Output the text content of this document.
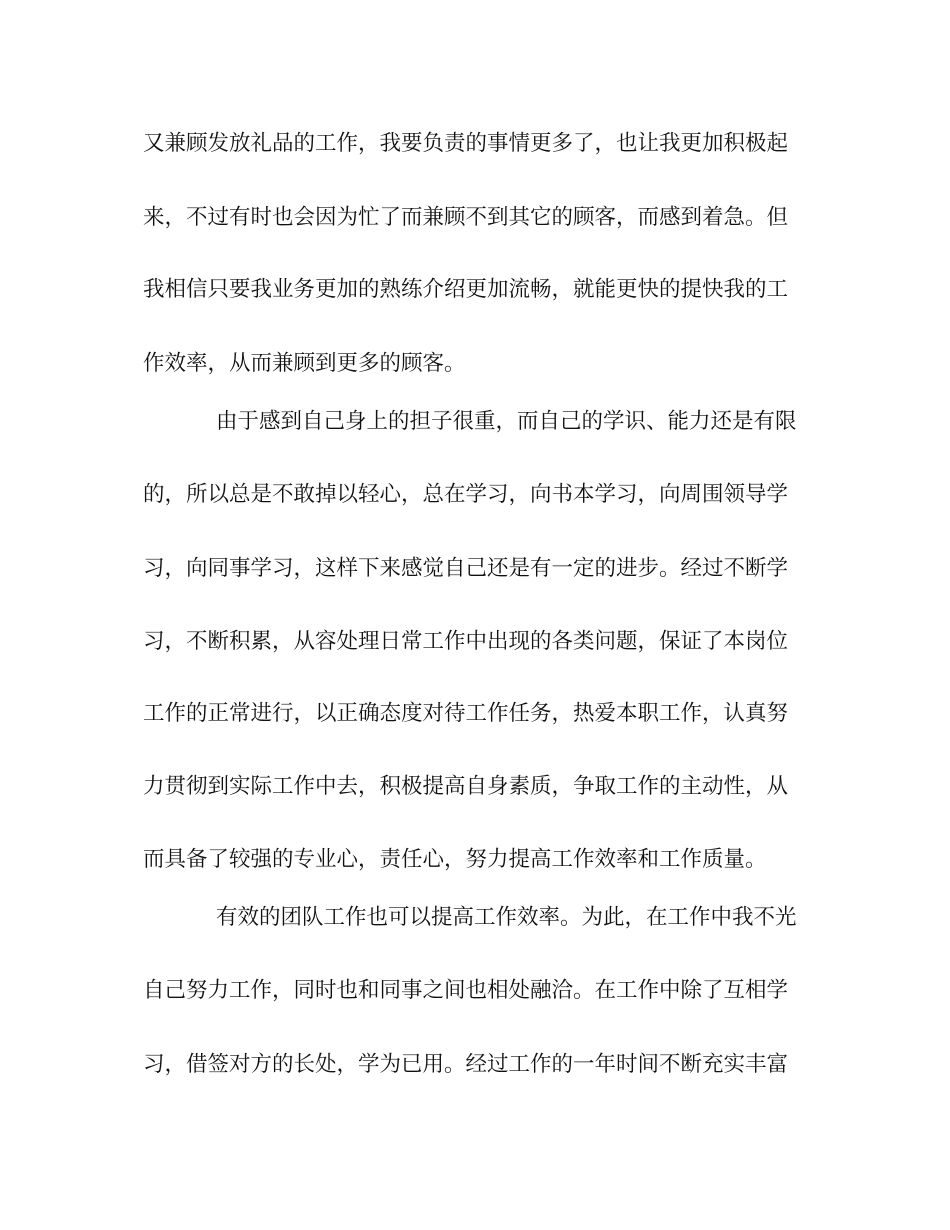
又兼顾发放礼品的工作，我要负责的事情更多了，也让我更加积极起

来，不过有时也会因为忙了而兼顾不到其它的顾客，而感到着急。但

我相信只要我业务更加的熟练介绍更加流畅，就能更快的提快我的工

作效率，从而兼顾到更多的顾客。

由于感到自己身上的担子很重，而自己的学识、能力还是有限

的，所以总是不敢掉以轻心，总在学习，向书本学习，向周围领导学

习，向同事学习，这样下来感觉自己还是有一定的进步。经过不断学

习，不断积累，从容处理日常工作中出现的各类问题，保证了本岗位

工作的正常进行，以正确态度对待工作任务，热爱本职工作，认真努

力贯彻到实际工作中去，积极提高自身素质，争取工作的主动性，从

而具备了较强的专业心，责任心，努力提高工作效率和工作质量。

有效的团队工作也可以提高工作效率。为此，在工作中我不光

自己努力工作，同时也和同事之间也相处融洽。在工作中除了互相学

习，借签对方的长处，学为已用。经过工作的一年时间不断充实丰富
